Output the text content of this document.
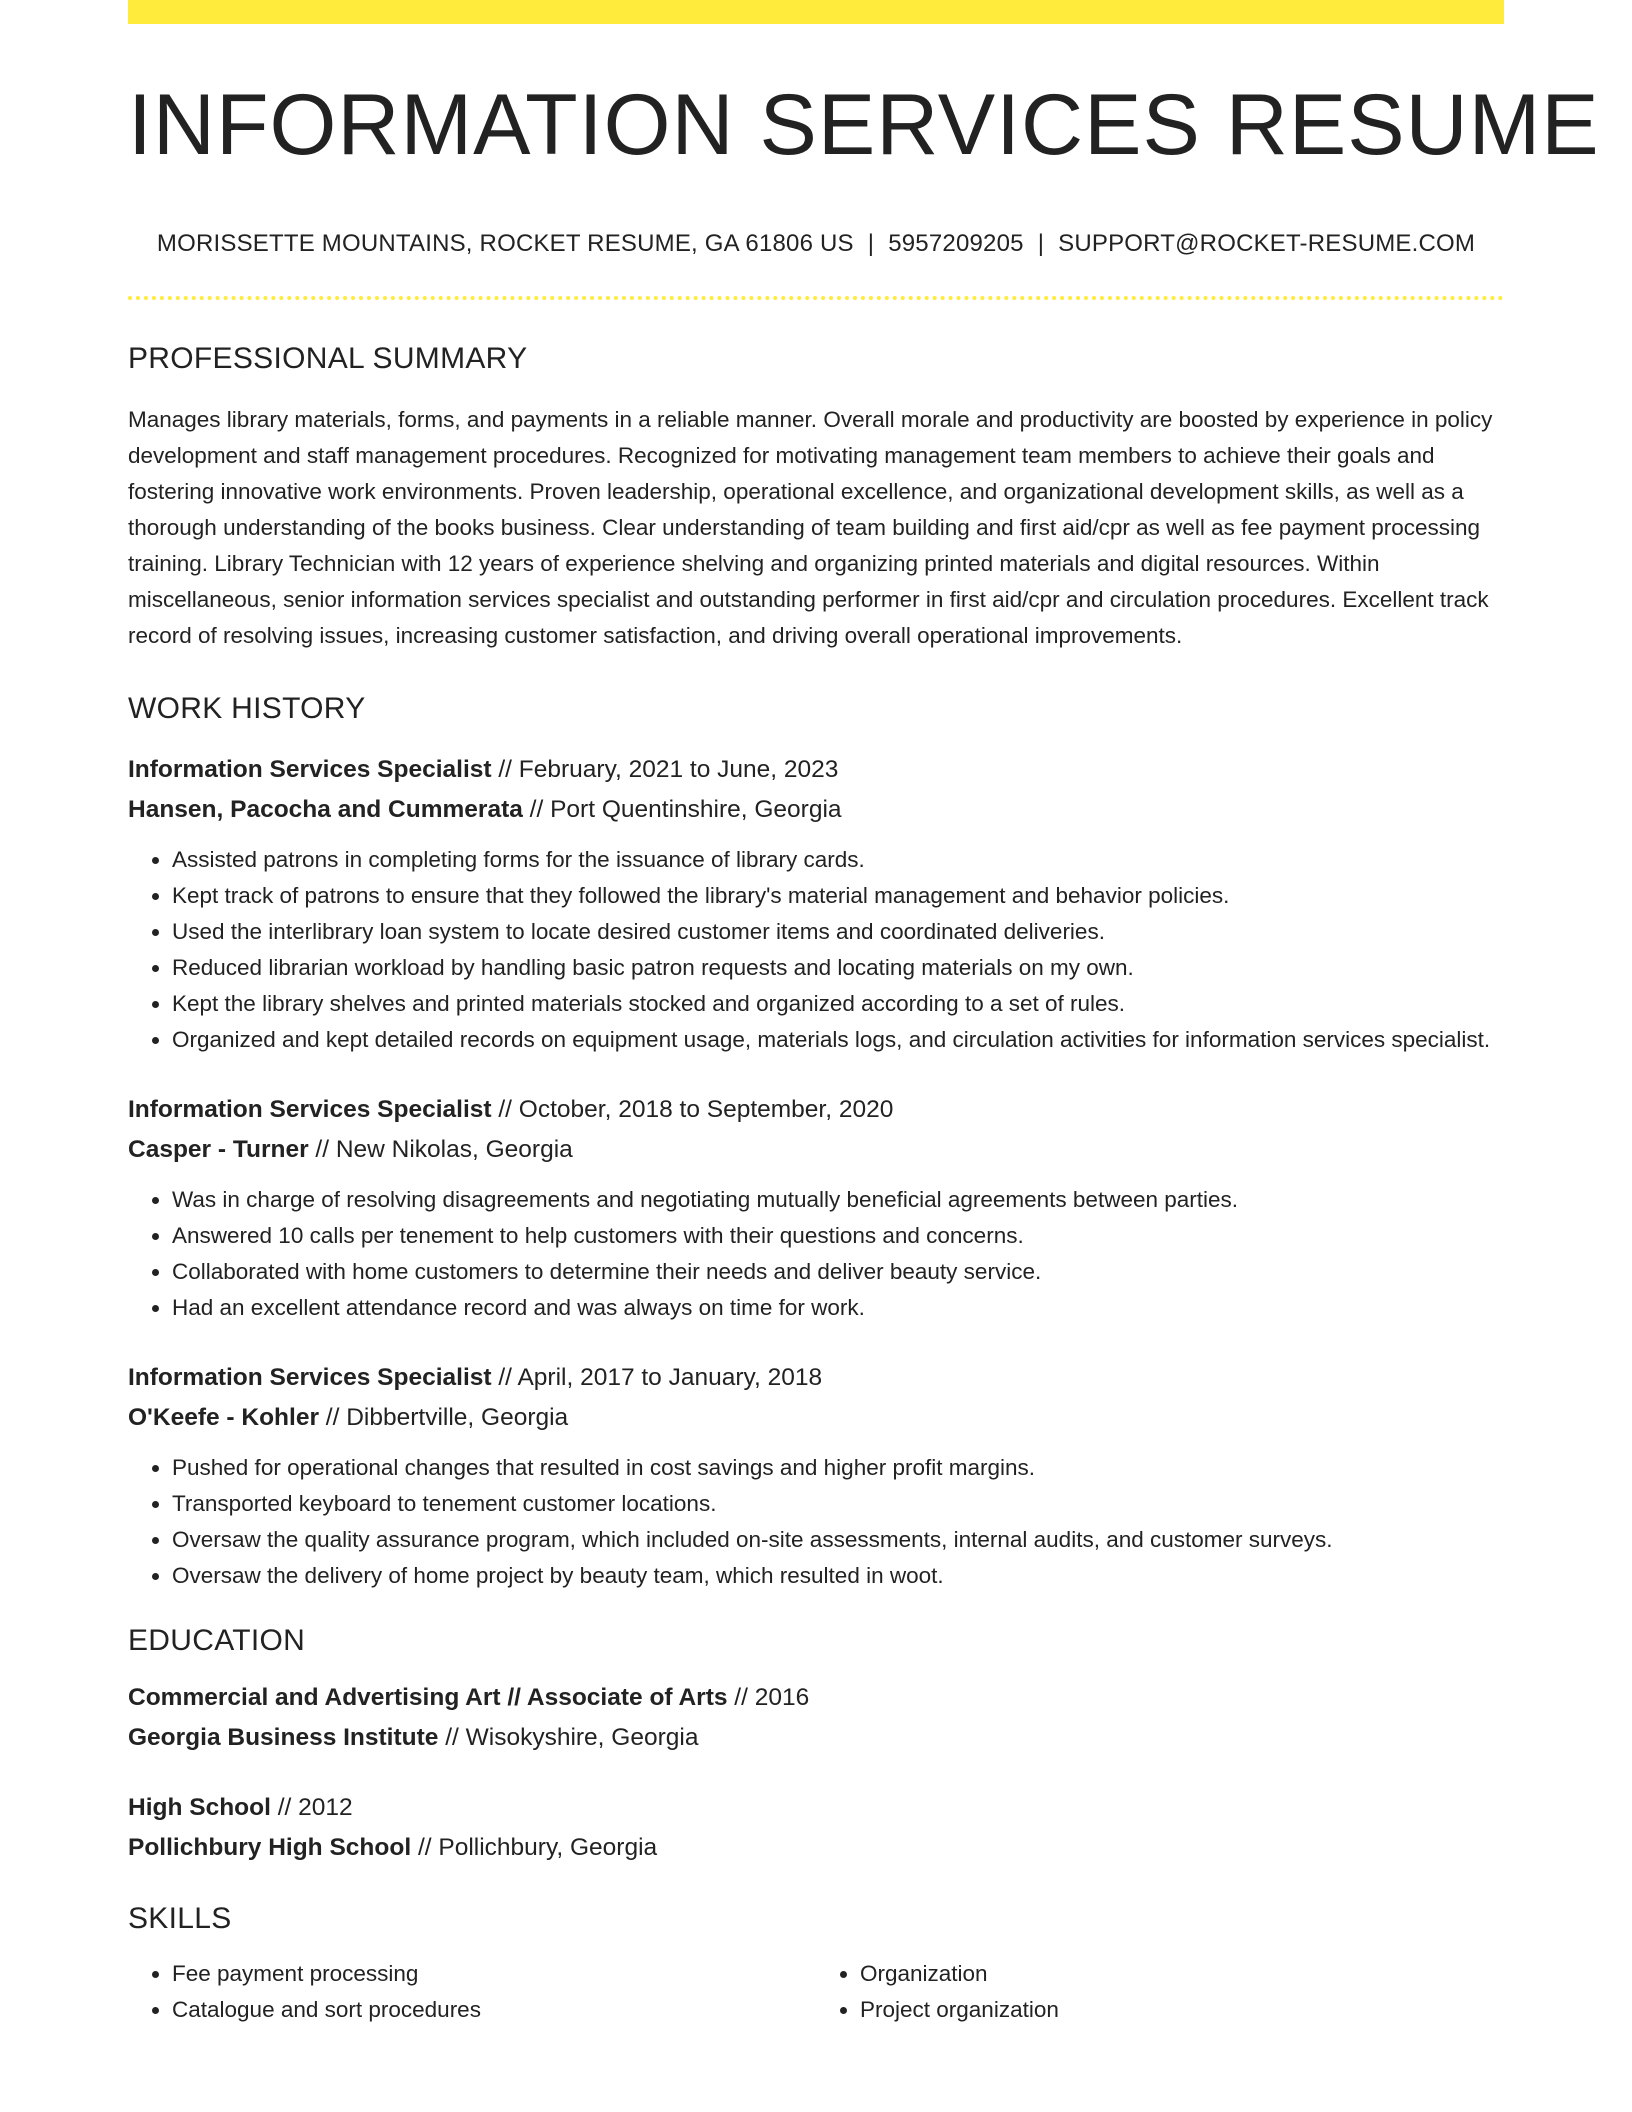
INFORMATION SERVICES RESUME
MORISSETTE MOUNTAINS, ROCKET RESUME, GA 61806 US | 5957209205 | SUPPORT@ROCKET-RESUME.COM
PROFESSIONAL SUMMARY

Manages library materials, forms, and payments in a reliable manner. Overall morale and productivity are boosted by experience in policy development and staff management procedures. Recognized for motivating management team members to achieve their goals and fostering innovative work environments. Proven leadership, operational excellence, and organizational development skills, as well as a thorough understanding of the books business. Clear understanding of team building and first aid/cpr as well as fee payment processing training. Library Technician with 12 years of experience shelving and organizing printed materials and digital resources. Within miscellaneous, senior information services specialist and outstanding performer in first aid/cpr and circulation procedures. Excellent track record of resolving issues, increasing customer satisfaction, and driving overall operational improvements.

WORK HISTORY
Information Services Specialist // February, 2021 to June, 2023
Hansen, Pacocha and Cummerata // Port Quentinshire, Georgia
• Assisted patrons in completing forms for the issuance of library cards.
• Kept track of patrons to ensure that they followed the library's material management and behavior policies.
• Used the interlibrary loan system to locate desired customer items and coordinated deliveries.
• Reduced librarian workload by handling basic patron requests and locating materials on my own.
• Kept the library shelves and printed materials stocked and organized according to a set of rules.
• Organized and kept detailed records on equipment usage, materials logs, and circulation activities for information services specialist.
Information Services Specialist // October, 2018 to September, 2020
Casper - Turner // New Nikolas, Georgia
• Was in charge of resolving disagreements and negotiating mutually beneficial agreements between parties.
• Answered 10 calls per tenement to help customers with their questions and concerns.
• Collaborated with home customers to determine their needs and deliver beauty service.
• Had an excellent attendance record and was always on time for work.
Information Services Specialist // April, 2017 to January, 2018
O'Keefe - Kohler // Dibbertville, Georgia
• Pushed for operational changes that resulted in cost savings and higher profit margins.
• Transported keyboard to tenement customer locations.
• Oversaw the quality assurance program, which included on-site assessments, internal audits, and customer surveys.
• Oversaw the delivery of home project by beauty team, which resulted in woot.
EDUCATION
Commercial and Advertising Art // Associate of Arts // 2016
Georgia Business Institute // Wisokyshire, Georgia
High School // 2012
Pollichbury High School // Pollichbury, Georgia
SKILLS
• Fee payment processing
• Catalogue and sort procedures
• Organization
• Project organization
